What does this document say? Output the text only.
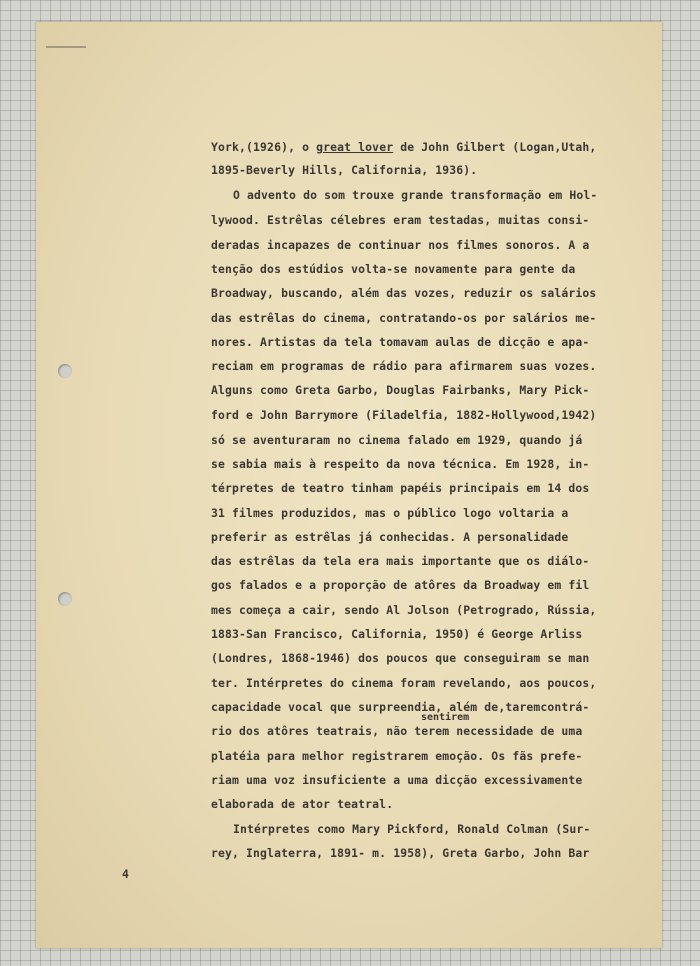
York,(1926), o great lover de John Gilbert (Logan,Utah,
1895-Beverly Hills, California, 1936).
O advento do som trouxe grande transformação em Hol-
lywood. Estrêlas célebres eram testadas, muitas consi-
deradas incapazes de continuar nos filmes sonoros. A a
tenção dos estúdios volta-se novamente para gente da
Broadway, buscando, além das vozes, reduzir os salários
das estrêlas do cinema, contratando-os por salários me-
nores. Artistas da tela tomavam aulas de dicção e apa-
reciam em programas de rádio para afirmarem suas vozes.
Alguns como Greta Garbo, Douglas Fairbanks, Mary Pick-
ford e John Barrymore (Filadelfia, 1882-Hollywood,1942)
só se aventuraram no cinema falado em 1929, quando já
se sabia mais à respeito da nova técnica. Em 1928, in-
térpretes de teatro tinham papéis principais em 14 dos
31 filmes produzidos, mas o público logo voltaria a
preferir as estrêlas já conhecidas. A personalidade
das estrêlas da tela era mais importante que os diálo-
gos falados e a proporção de atôres da Broadway em fil
mes começa a cair, sendo Al Jolson (Petrogrado, Rússia,
1883-San Francisco, California, 1950) é George Arliss
(Londres, 1868-1946) dos poucos que conseguiram se man
ter. Intérpretes do cinema foram revelando, aos poucos,
capacidade vocal que surpreendia, além de,taremcontrá-
sentirem
rio dos atôres teatrais, não terem necessidade de uma
platéia para melhor registrarem emoção. Os fãs prefe-
riam uma voz insuficiente a uma dicção excessivamente
elaborada de ator teatral.
Intérpretes como Mary Pickford, Ronald Colman (Sur-
rey, Inglaterra, 1891- m. 1958), Greta Garbo, John Bar
4
